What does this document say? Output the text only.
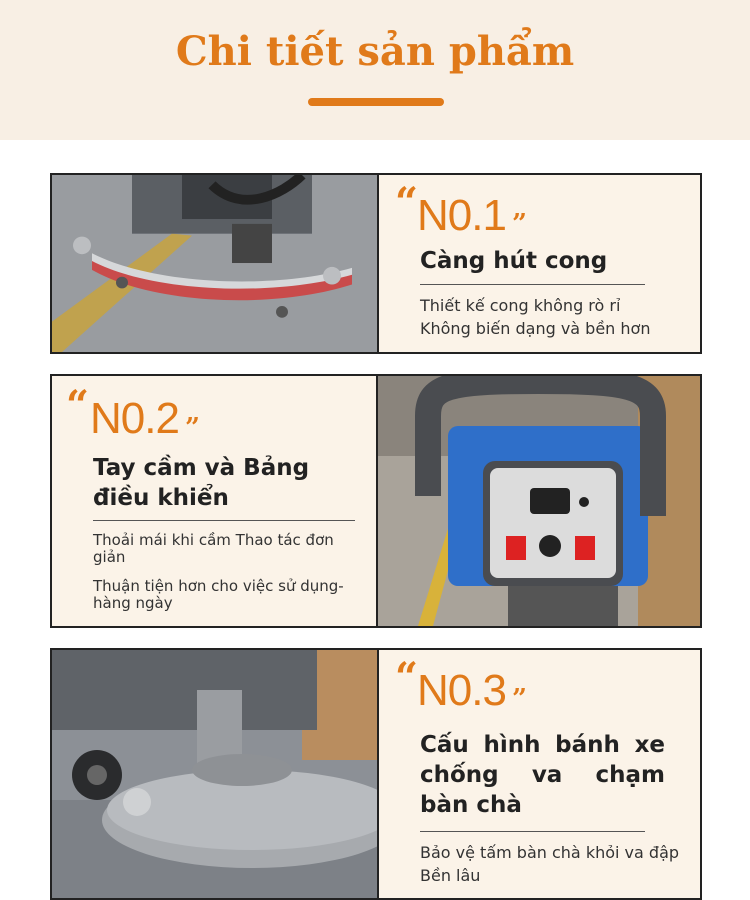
Chi tiết sản phẩm
“
N0.1 ”
Càng hút cong
Thiết kế cong không rò rỉ
Không biến dạng và bền hơn
“ N0.2 ”
Tay cầm và Bảng điều khiển
Thoải mái khi cầm Thao tác đơn giản
Thuận tiện hơn cho việc sử dụng-hàng ngày
“
N0.3 ”
Cấu hình bánh xe chống va chạm bàn chà
Bảo vệ tấm bàn chà khỏi va đập
Bền lâu
